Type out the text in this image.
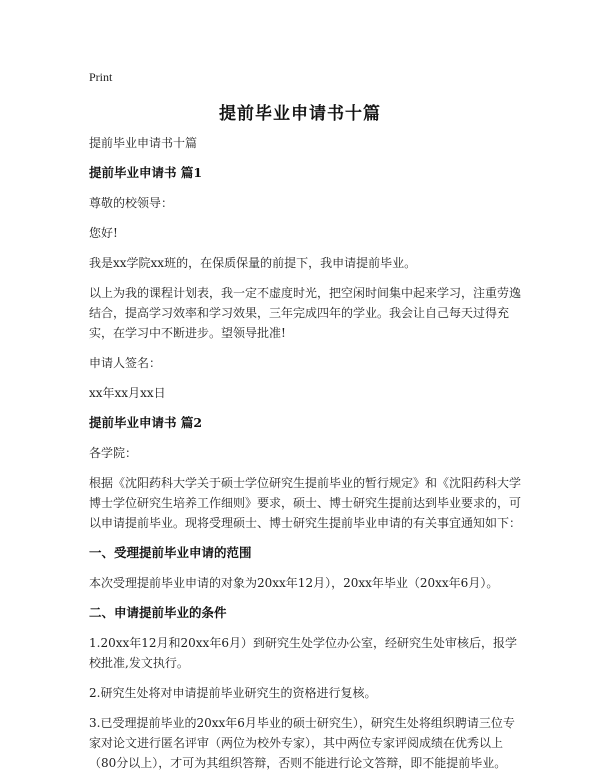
Print
提前毕业申请书十篇
提前毕业申请书十篇
提前毕业申请书 篇1
尊敬的校领导：
您好!
我是xx学院xx班的，在保质保量的前提下，我申请提前毕业。
以上为我的课程计划表，我一定不虚度时光，把空闲时间集中起来学习，注重劳逸结合，提高学习效率和学习效果，三年完成四年的学业。我会让自己每天过得充实，在学习中不断进步。望领导批准!
申请人签名：
xx年xx月xx日
提前毕业申请书 篇2
各学院：
根据《沈阳药科大学关于硕士学位研究生提前毕业的暂行规定》和《沈阳药科大学博士学位研究生培养工作细则》要求，硕士、博士研究生提前达到毕业要求的，可以申请提前毕业。现将受理硕士、博士研究生提前毕业申请的有关事宜通知如下：
一、受理提前毕业申请的范围
本次受理提前毕业申请的对象为20xx年12月），20xx年毕业（20xx年6月）。
二、申请提前毕业的条件
1.20xx年12月和20xx年6月）到研究生处学位办公室，经研究生处审核后，报学校批准,发文执行。
2.研究生处将对申请提前毕业研究生的资格进行复核。
3.已受理提前毕业的20xx年6月毕业的硕士研究生），研究生处将组织聘请三位专家对论文进行匿名评审（两位为校外专家），其中两位专家评阅成绩在优秀以上（80分以上），才可为其组织答辩，否则不能进行论文答辩，即不能提前毕业。
